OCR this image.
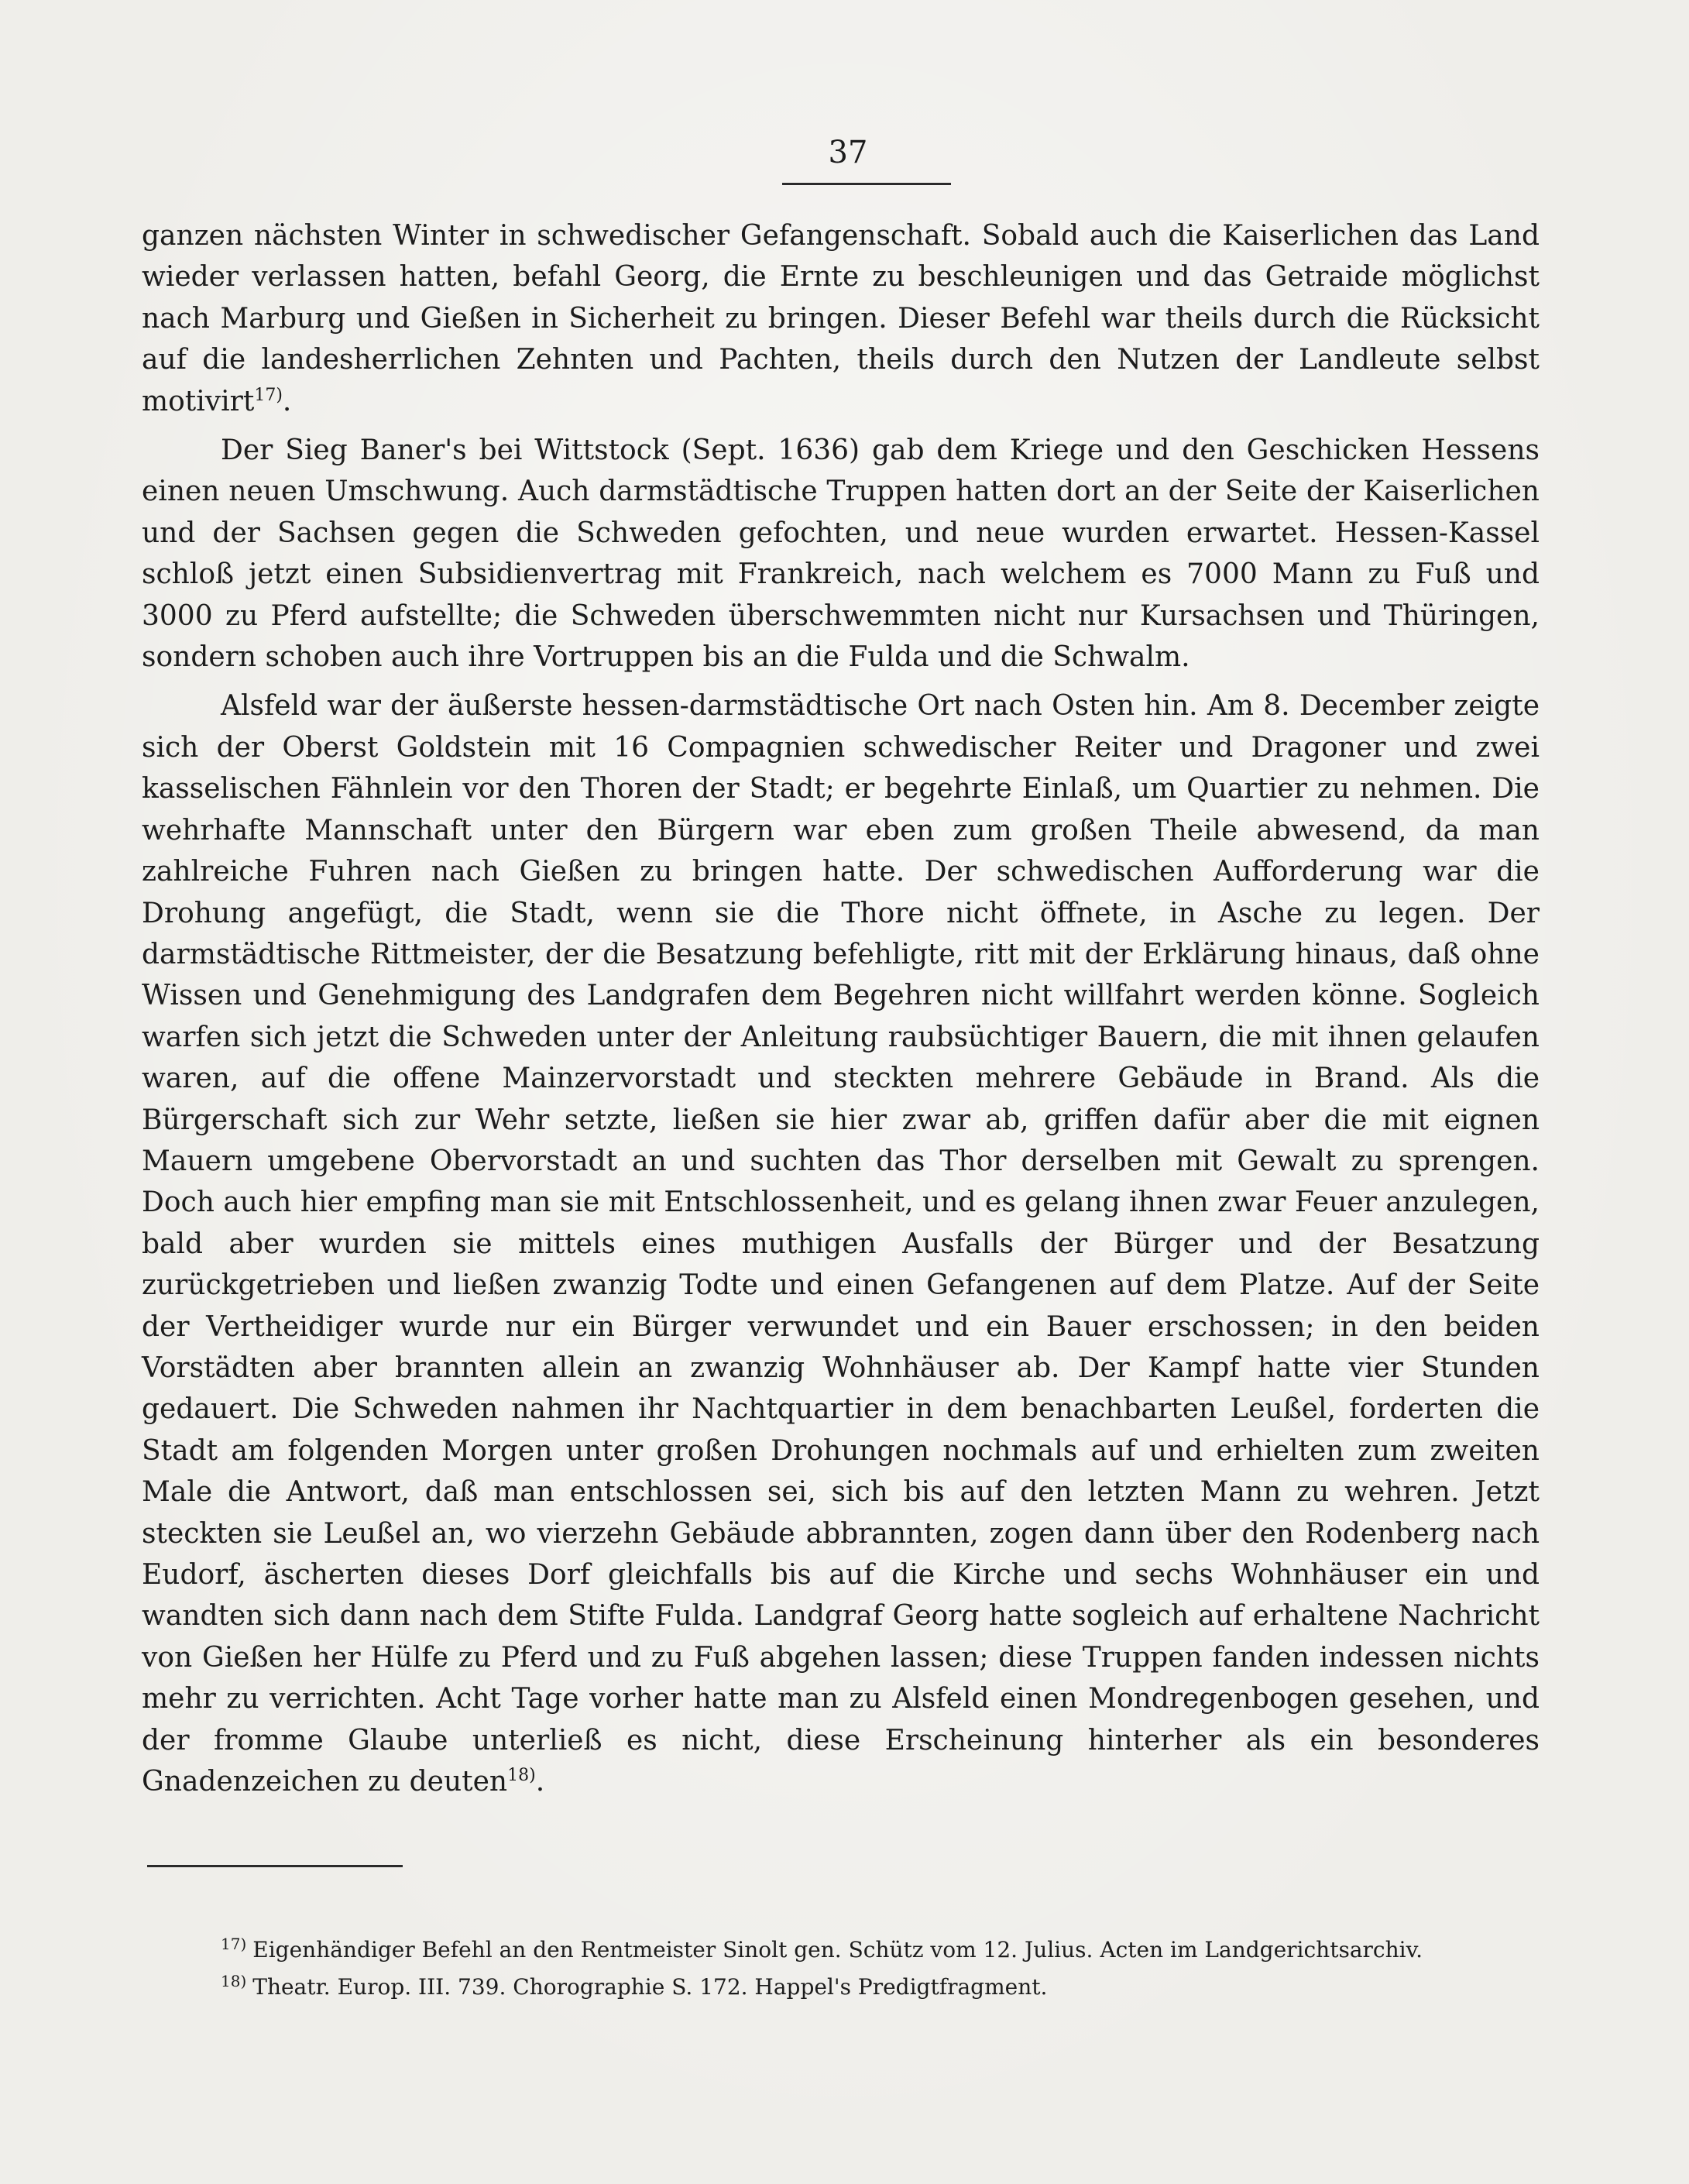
37

ganzen nächsten Winter in schwedischer Gefangenschaft. Sobald auch die Kaiserlichen das Land wieder verlassen hatten, befahl Georg, die Ernte zu beschleunigen und das Getraide möglichst nach Marburg und Gießen in Sicherheit zu bringen. Dieser Befehl war theils durch die Rücksicht auf die landesherrlichen Zehnten und Pachten, theils durch den Nutzen der Landleute selbst motivirt$^{17)}$.

Der Sieg Baner's bei Wittstock (Sept. 1636) gab dem Kriege und den Geschicken Hessens einen neuen Umschwung. Auch darmstädtische Truppen hatten dort an der Seite der Kaiserlichen und der Sachsen gegen die Schweden gefochten, und neue wurden erwartet. Hessen-Kassel schloß jetzt einen Subsidienvertrag mit Frankreich, nach welchem es 7000 Mann zu Fuß und 3000 zu Pferd aufstellte; die Schweden überschwemmten nicht nur Kursachsen und Thüringen, sondern schoben auch ihre Vortruppen bis an die Fulda und die Schwalm.

Alsfeld war der äußerste hessen-darmstädtische Ort nach Osten hin. Am 8. December zeigte sich der Oberst Goldstein mit 16 Compagnien schwedischer Reiter und Dragoner und zwei kasselischen Fähnlein vor den Thoren der Stadt; er begehrte Einlaß, um Quartier zu nehmen. Die wehrhafte Mannschaft unter den Bürgern war eben zum großen Theile abwesend, da man zahlreiche Fuhren nach Gießen zu bringen hatte. Der schwedischen Aufforderung war die Drohung angefügt, die Stadt, wenn sie die Thore nicht öffnete, in Asche zu legen. Der darmstädtische Rittmeister, der die Besatzung befehligte, ritt mit der Erklärung hinaus, daß ohne Wissen und Genehmigung des Landgrafen dem Begehren nicht willfahrt werden könne. Sogleich warfen sich jetzt die Schweden unter der Anleitung raubsüchtiger Bauern, die mit ihnen gelaufen waren, auf die offene Mainzervorstadt und steckten mehrere Gebäude in Brand. Als die Bürgerschaft sich zur Wehr setzte, ließen sie hier zwar ab, griffen dafür aber die mit eignen Mauern umgebene Obervorstadt an und suchten das Thor derselben mit Gewalt zu sprengen. Doch auch hier empfing man sie mit Entschlossenheit, und es gelang ihnen zwar Feuer anzulegen, bald aber wurden sie mittels eines muthigen Ausfalls der Bürger und der Besatzung zurückgetrieben und ließen zwanzig Todte und einen Gefangenen auf dem Platze. Auf der Seite der Vertheidiger wurde nur ein Bürger verwundet und ein Bauer erschossen; in den beiden Vorstädten aber brannten allein an zwanzig Wohnhäuser ab. Der Kampf hatte vier Stunden gedauert. Die Schweden nahmen ihr Nachtquartier in dem benachbarten Leußel, forderten die Stadt am folgenden Morgen unter großen Drohungen nochmals auf und erhielten zum zweiten Male die Antwort, daß man entschlossen sei, sich bis auf den letzten Mann zu wehren. Jetzt steckten sie Leußel an, wo vierzehn Gebäude abbrannten, zogen dann über den Rodenberg nach Eudorf, äscherten dieses Dorf gleichfalls bis auf die Kirche und sechs Wohnhäuser ein und wandten sich dann nach dem Stifte Fulda. Landgraf Georg hatte sogleich auf erhaltene Nachricht von Gießen her Hülfe zu Pferd und zu Fuß abgehen lassen; diese Truppen fanden indessen nichts mehr zu verrichten. Acht Tage vorher hatte man zu Alsfeld einen Mondregenbogen gesehen, und der fromme Glaube unterließ es nicht, diese Erscheinung hinterher als ein besonderes Gnadenzeichen zu deuten$^{18)}$.

$^{17)}$ Eigenhändiger Befehl an den Rentmeister Sinolt gen. Schütz vom 12. Julius. Acten im Landgerichtsarchiv.
$^{18)}$ Theatr. Europ. III. 739. Chorographie S. 172. Happel's Predigtfragment.
